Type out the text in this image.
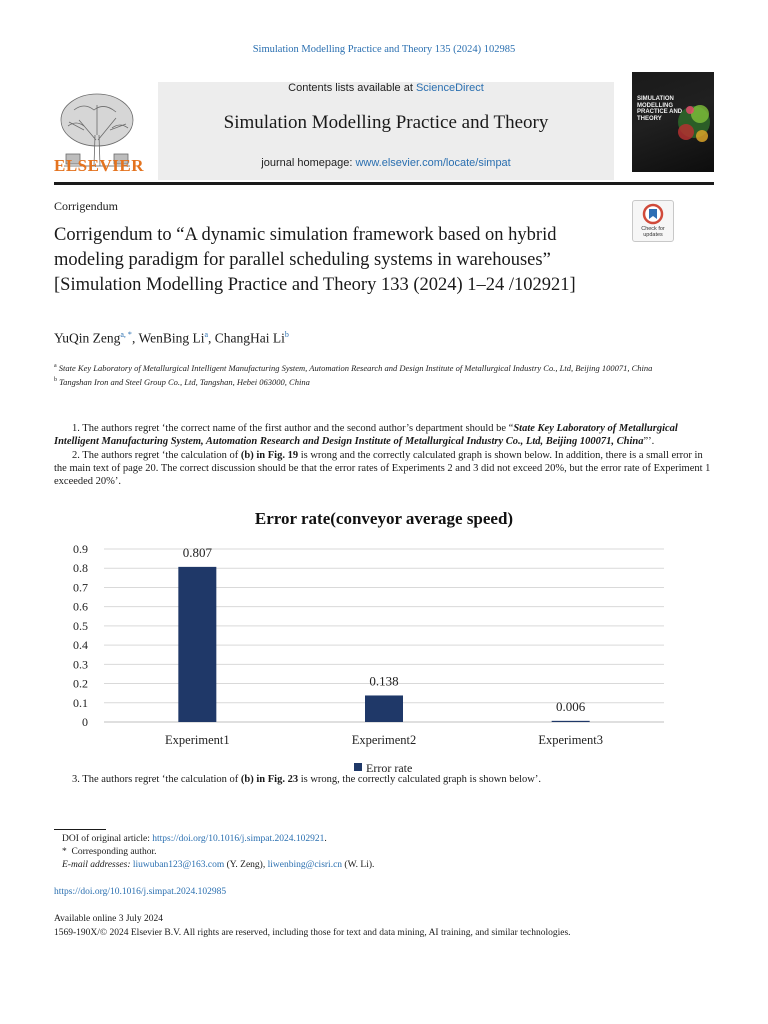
Simulation Modelling Practice and Theory 135 (2024) 102985
ELSEVIER
Contents lists available at ScienceDirect
Simulation Modelling Practice and Theory
journal homepage: www.elsevier.com/locate/simpat
SIMULATION MODELLING PRACTICE AND THEORY
Corrigendum
Check for updates
Corrigendum to “A dynamic simulation framework based on hybrid modeling paradigm for parallel scheduling systems in warehouses” [Simulation Modelling Practice and Theory 133 (2024) 1–24 /102921]
YuQin Zeng$^{a, *}$, WenBing Li$^a$, ChangHai Li$^b$
$^a$ State Key Laboratory of Metallurgical Intelligent Manufacturing System, Automation Research and Design Institute of Metallurgical Industry Co., Ltd, Beijing 100071, China
$^b$ Tangshan Iron and Steel Group Co., Ltd, Tangshan, Hebei 063000, China

1. The authors regret ‘the correct name of the first author and the second author’s department should be “State Key Laboratory of Metallurgical Intelligent Manufacturing System, Automation Research and Design Institute of Metallurgical Industry Co., Ltd, Beijing 100071, China”’.

2. The authors regret ‘the calculation of (b) in Fig. 19 is wrong and the correctly calculated graph is shown below. In addition, there is a small error in the main text of page 20. The correct discussion should be that the error rates of Experiments 2 and 3 did not exceed 20%, but the error rate of Experiment 1 exceeded 20%’.

Error rate(conveyor average speed)
0
0.1
0.2
0.3
0.4
0.5
0.6
0.7
0.8
0.9	0.807
Experiment1
0.138
Experiment2
0.006
Experiment3
Error rate
3. The authors regret ‘the calculation of (b) in Fig. 23 is wrong, the correctly calculated graph is shown below’.
DOI of original article: https://doi.org/10.1016/j.simpat.2024.102921.
* Corresponding author.
E-mail addresses: liuwuban123@163.com (Y. Zeng), liwenbing@cisri.cn (W. Li).
https://doi.org/10.1016/j.simpat.2024.102985
Available online 3 July 2024
1569-190X/© 2024 Elsevier B.V. All rights are reserved, including those for text and data mining, AI training, and similar technologies.
